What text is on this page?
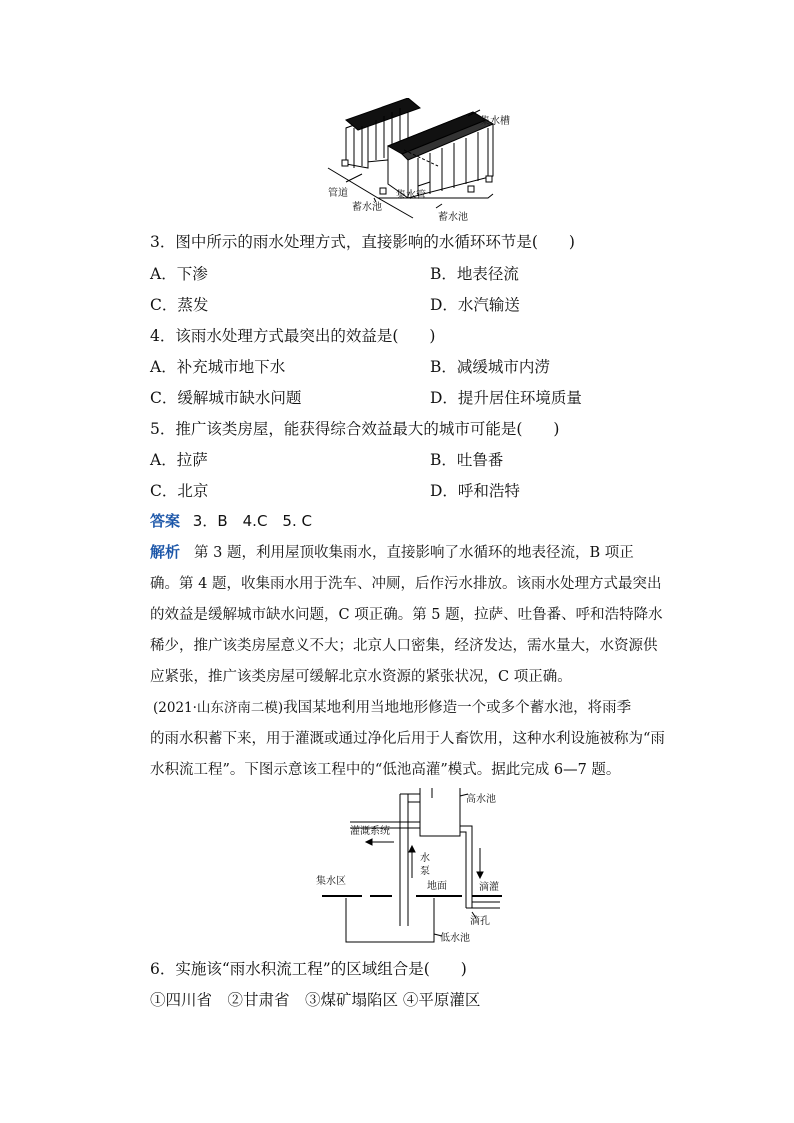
集水槽
管道	集水管
蓄水池
蓄水池
3．图中所示的雨水处理方式，直接影响的水循环环节是(　　)
A．下渗	B．地表径流
C．蒸发	D．水汽输送
4．该雨水处理方式最突出的效益是(　　)
A．补充城市地下水	B．减缓城市内涝
C．缓解城市缺水问题	D．提升居住环境质量
5．推广该类房屋，能获得综合效益最大的城市可能是(　　)
A．拉萨	B．吐鲁番
C．北京	D．呼和浩特
答案 3．B　4.C　5. C
解析 第 3 题，利用屋顶收集雨水，直接影响了水循环的地表径流，B 项正
确。第 4 题，收集雨水用于洗车、冲厕，后作污水排放。该雨水处理方式最突出
的效益是缓解城市缺水问题，C 项正确。第 5 题，拉萨、吐鲁番、呼和浩特降水
稀少，推广该类房屋意义不大；北京人口密集，经济发达，需水量大，水资源供
应紧张，推广该类房屋可缓解北京水资源的紧张状况，C 项正确。
(2021·山东济南二模)我国某地利用当地地形修造一个或多个蓄水池，将雨季
的雨水积蓄下来，用于灌溉或通过净化后用于人畜饮用，这种水利设施被称为“雨
水积流工程”。下图示意该工程中的“低池高灌”模式。据此完成 6—7 题。
高水池
灌溉系统
水泵
集水区	地面	滴灌
滴孔
低水池
6．实施该“雨水积流工程”的区域组合是(　　)
①四川省　②甘肃省　③煤矿塌陷区 ④平原灌区
